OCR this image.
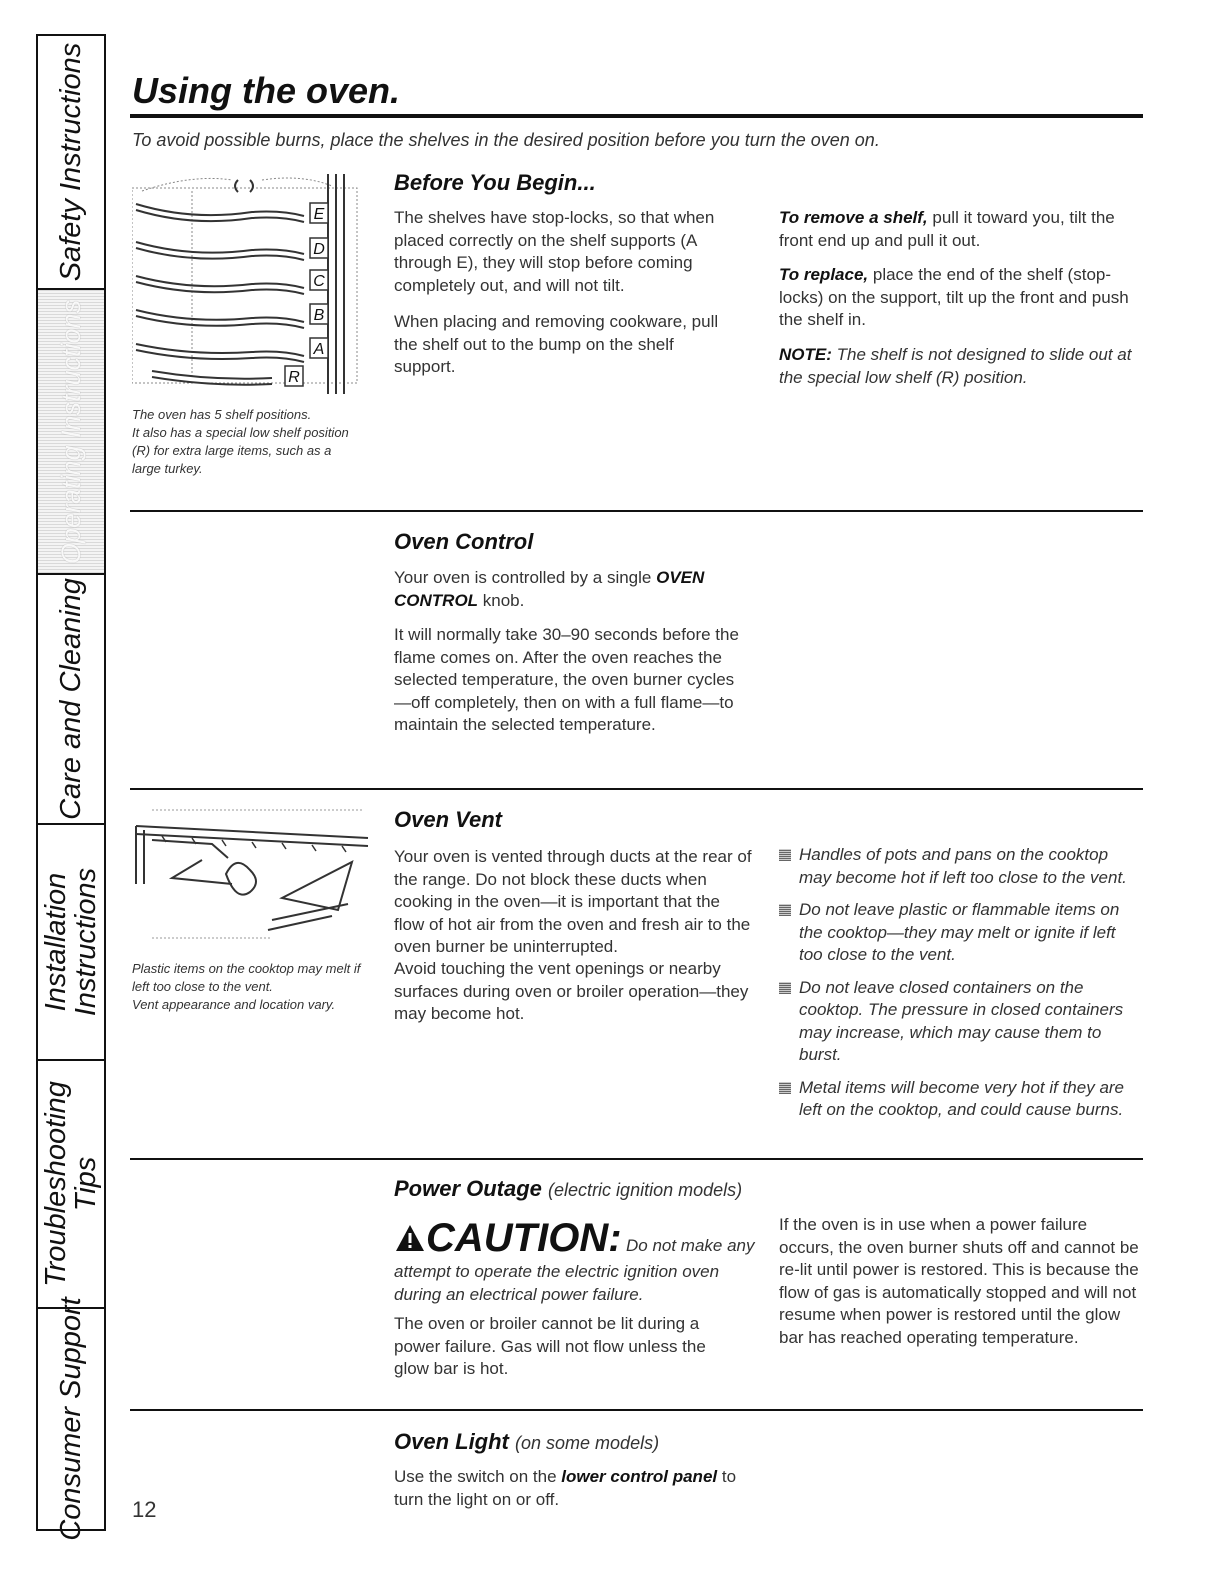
Safety Instructions
Operating Instructions
Care and Cleaning
Installation Instructions
Troubleshooting Tips
Consumer Support
Using the oven.
To avoid possible burns, place the shelves in the desired position before you turn the oven on.
E
D
C
B
A
R

The oven has 5 shelf positions.
It also has a special low shelf position (R) for extra large items, such as a large turkey.

Before You Begin...

The shelves have stop-locks, so that when placed correctly on the shelf supports (A through E), they will stop before coming completely out, and will not tilt.

When placing and removing cookware, pull the shelf out to the bump on the shelf support.

To remove a shelf, pull it toward you, tilt the front end up and pull it out.

To replace, place the end of the shelf (stop-locks) on the support, tilt up the front and push the shelf in.

NOTE: The shelf is not designed to slide out at the special low shelf (R) position.

Oven Control

Your oven is controlled by a single OVEN CONTROL knob.

It will normally take 30–90 seconds before the flame comes on. After the oven reaches the selected temperature, the oven burner cycles—off completely, then on with a full flame—to maintain the selected temperature.

Plastic items on the cooktop may melt if left too close to the vent.
Vent appearance and location vary.

Oven Vent

Your oven is vented through ducts at the rear of the range. Do not block these ducts when cooking in the oven—it is important that the flow of hot air from the oven and fresh air to the oven burner be uninterrupted.

Avoid touching the vent openings or nearby surfaces during oven or broiler operation—they may become hot.

Handles of pots and pans on the cooktop may become hot if left too close to the vent.
Do not leave plastic or flammable items on the cooktop—they may melt or ignite if left too close to the vent.
Do not leave closed containers on the cooktop. The pressure in closed containers may increase, which may cause them to burst.
Metal items will become very hot if they are left on the cooktop, and could cause burns.
Power Outage (electric ignition models)
CAUTION: Do not make any

attempt to operate the electric ignition oven during an electrical power failure.

The oven or broiler cannot be lit during a power failure. Gas will not flow unless the glow bar is hot.

If the oven is in use when a power failure occurs, the oven burner shuts off and cannot be re-lit until power is restored. This is because the flow of gas is automatically stopped and will not resume when power is restored until the glow bar has reached operating temperature.

Oven Light (on some models)

Use the switch on the lower control panel to turn the light on or off.

12
